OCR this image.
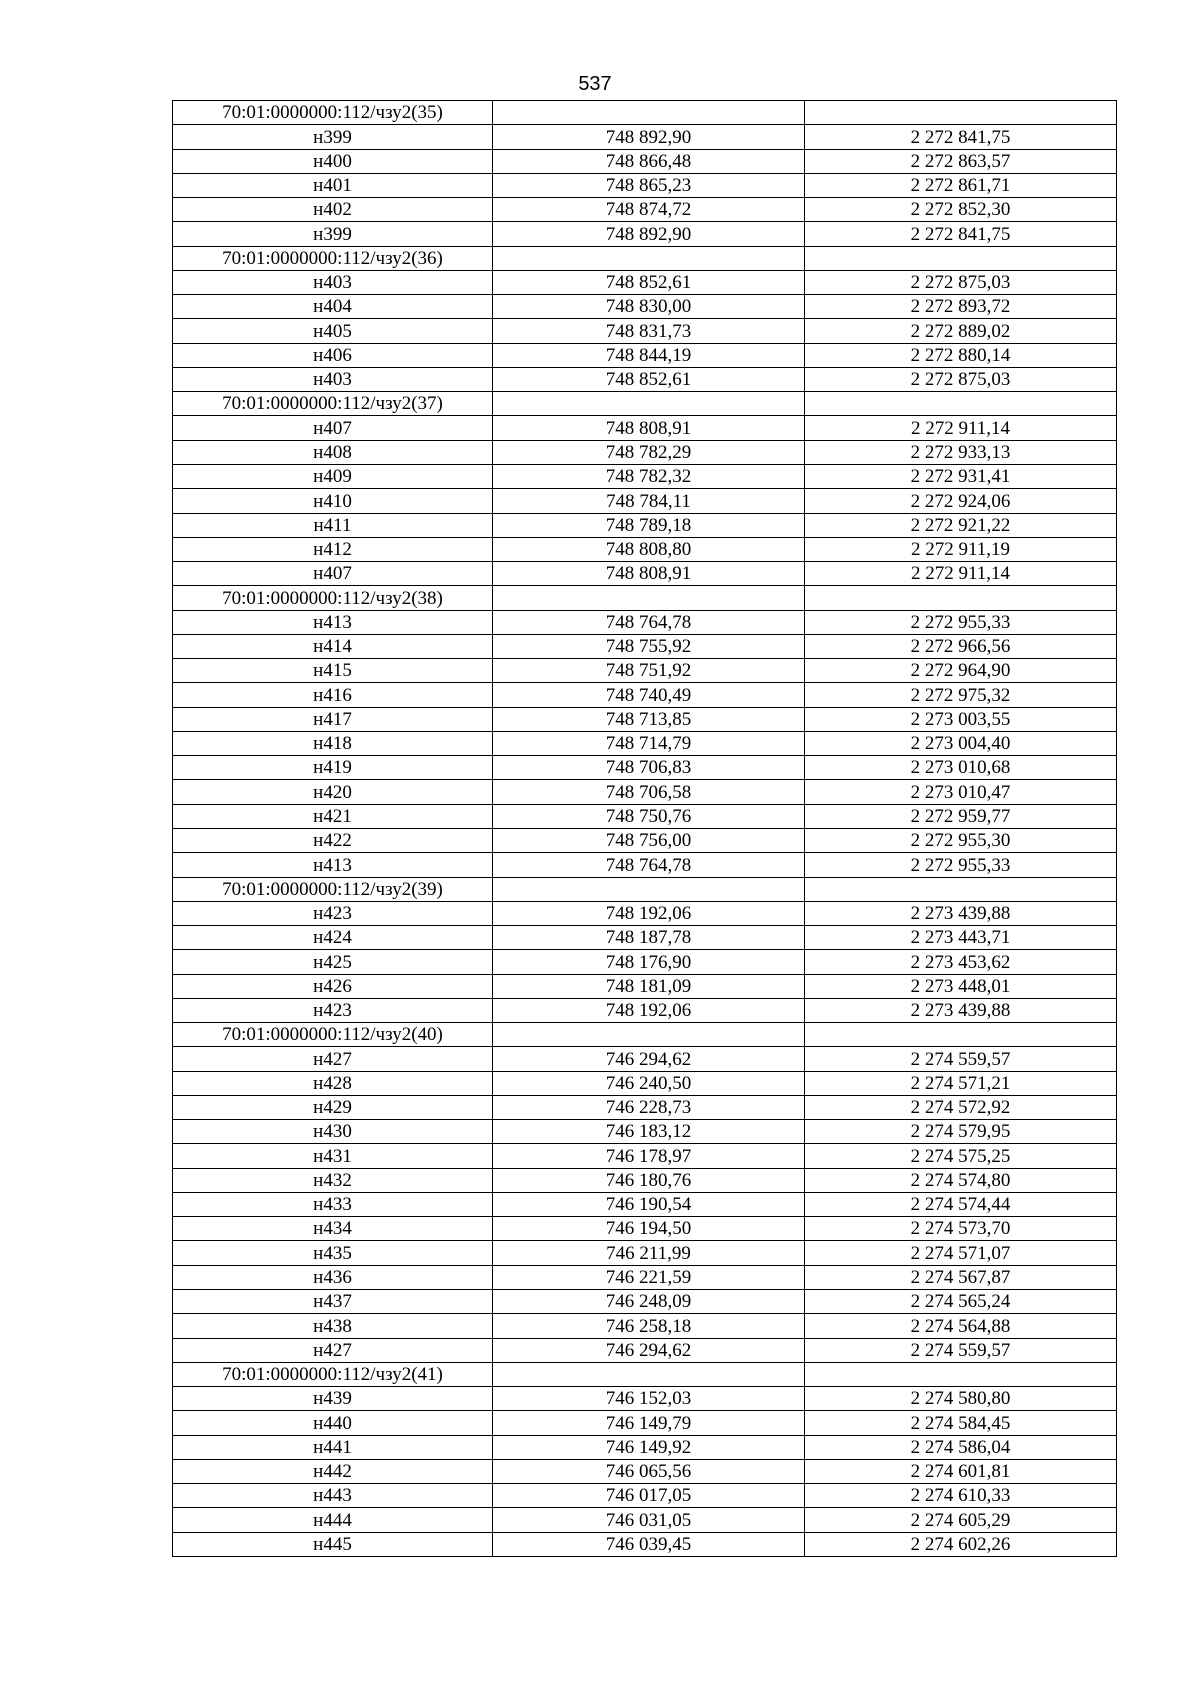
537
70:01:0000000:112/чзу2(35)		
н399	748 892,90	2 272 841,75
н400	748 866,48	2 272 863,57
н401	748 865,23	2 272 861,71
н402	748 874,72	2 272 852,30
н399	748 892,90	2 272 841,75
70:01:0000000:112/чзу2(36)		
н403	748 852,61	2 272 875,03
н404	748 830,00	2 272 893,72
н405	748 831,73	2 272 889,02
н406	748 844,19	2 272 880,14
н403	748 852,61	2 272 875,03
70:01:0000000:112/чзу2(37)		
н407	748 808,91	2 272 911,14
н408	748 782,29	2 272 933,13
н409	748 782,32	2 272 931,41
н410	748 784,11	2 272 924,06
н411	748 789,18	2 272 921,22
н412	748 808,80	2 272 911,19
н407	748 808,91	2 272 911,14
70:01:0000000:112/чзу2(38)		
н413	748 764,78	2 272 955,33
н414	748 755,92	2 272 966,56
н415	748 751,92	2 272 964,90
н416	748 740,49	2 272 975,32
н417	748 713,85	2 273 003,55
н418	748 714,79	2 273 004,40
н419	748 706,83	2 273 010,68
н420	748 706,58	2 273 010,47
н421	748 750,76	2 272 959,77
н422	748 756,00	2 272 955,30
н413	748 764,78	2 272 955,33
70:01:0000000:112/чзу2(39)		
н423	748 192,06	2 273 439,88
н424	748 187,78	2 273 443,71
н425	748 176,90	2 273 453,62
н426	748 181,09	2 273 448,01
н423	748 192,06	2 273 439,88
70:01:0000000:112/чзу2(40)		
н427	746 294,62	2 274 559,57
н428	746 240,50	2 274 571,21
н429	746 228,73	2 274 572,92
н430	746 183,12	2 274 579,95
н431	746 178,97	2 274 575,25
н432	746 180,76	2 274 574,80
н433	746 190,54	2 274 574,44
н434	746 194,50	2 274 573,70
н435	746 211,99	2 274 571,07
н436	746 221,59	2 274 567,87
н437	746 248,09	2 274 565,24
н438	746 258,18	2 274 564,88
н427	746 294,62	2 274 559,57
70:01:0000000:112/чзу2(41)		
н439	746 152,03	2 274 580,80
н440	746 149,79	2 274 584,45
н441	746 149,92	2 274 586,04
н442	746 065,56	2 274 601,81
н443	746 017,05	2 274 610,33
н444	746 031,05	2 274 605,29
н445	746 039,45	2 274 602,26
